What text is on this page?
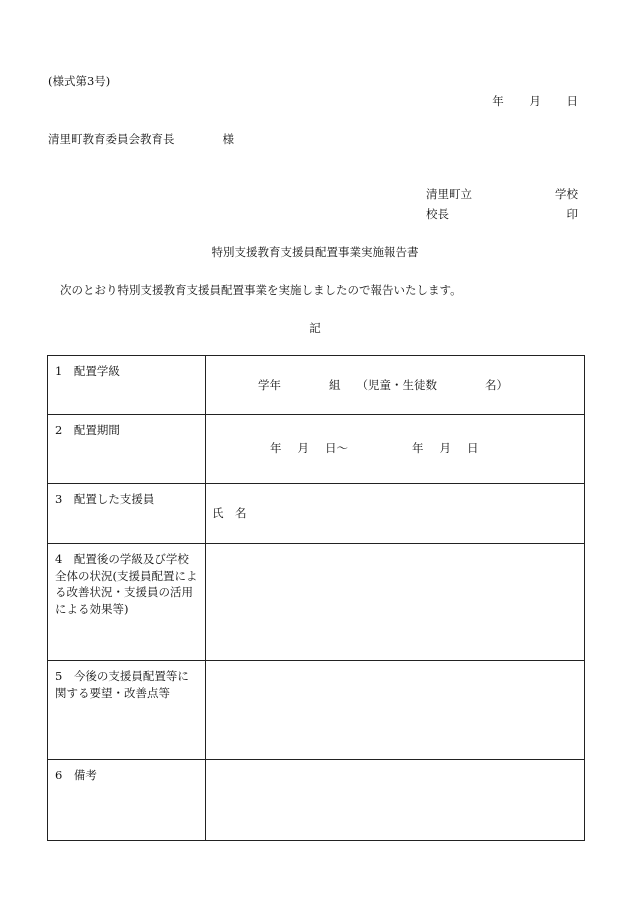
(様式第3号)
年 月 日
清里町教育委員会教育長	様
清里町立	学校
校長	印
特別支援教育支援員配置事業実施報告書
次のとおり特別支援教育支援員配置事業を実施しましたので報告いたします。
記
1　配置学級	学年 組 （児童・生徒数 名）

2　配置期間	年 月 日〜 年 月 日

3　配置した支援員	氏　名

4　配置後の学級及び学校全体の状況(支援員配置による改善状況・支援員の活用による効果等)	
5　今後の支援員配置等に関する要望・改善点等	
6　備考	
